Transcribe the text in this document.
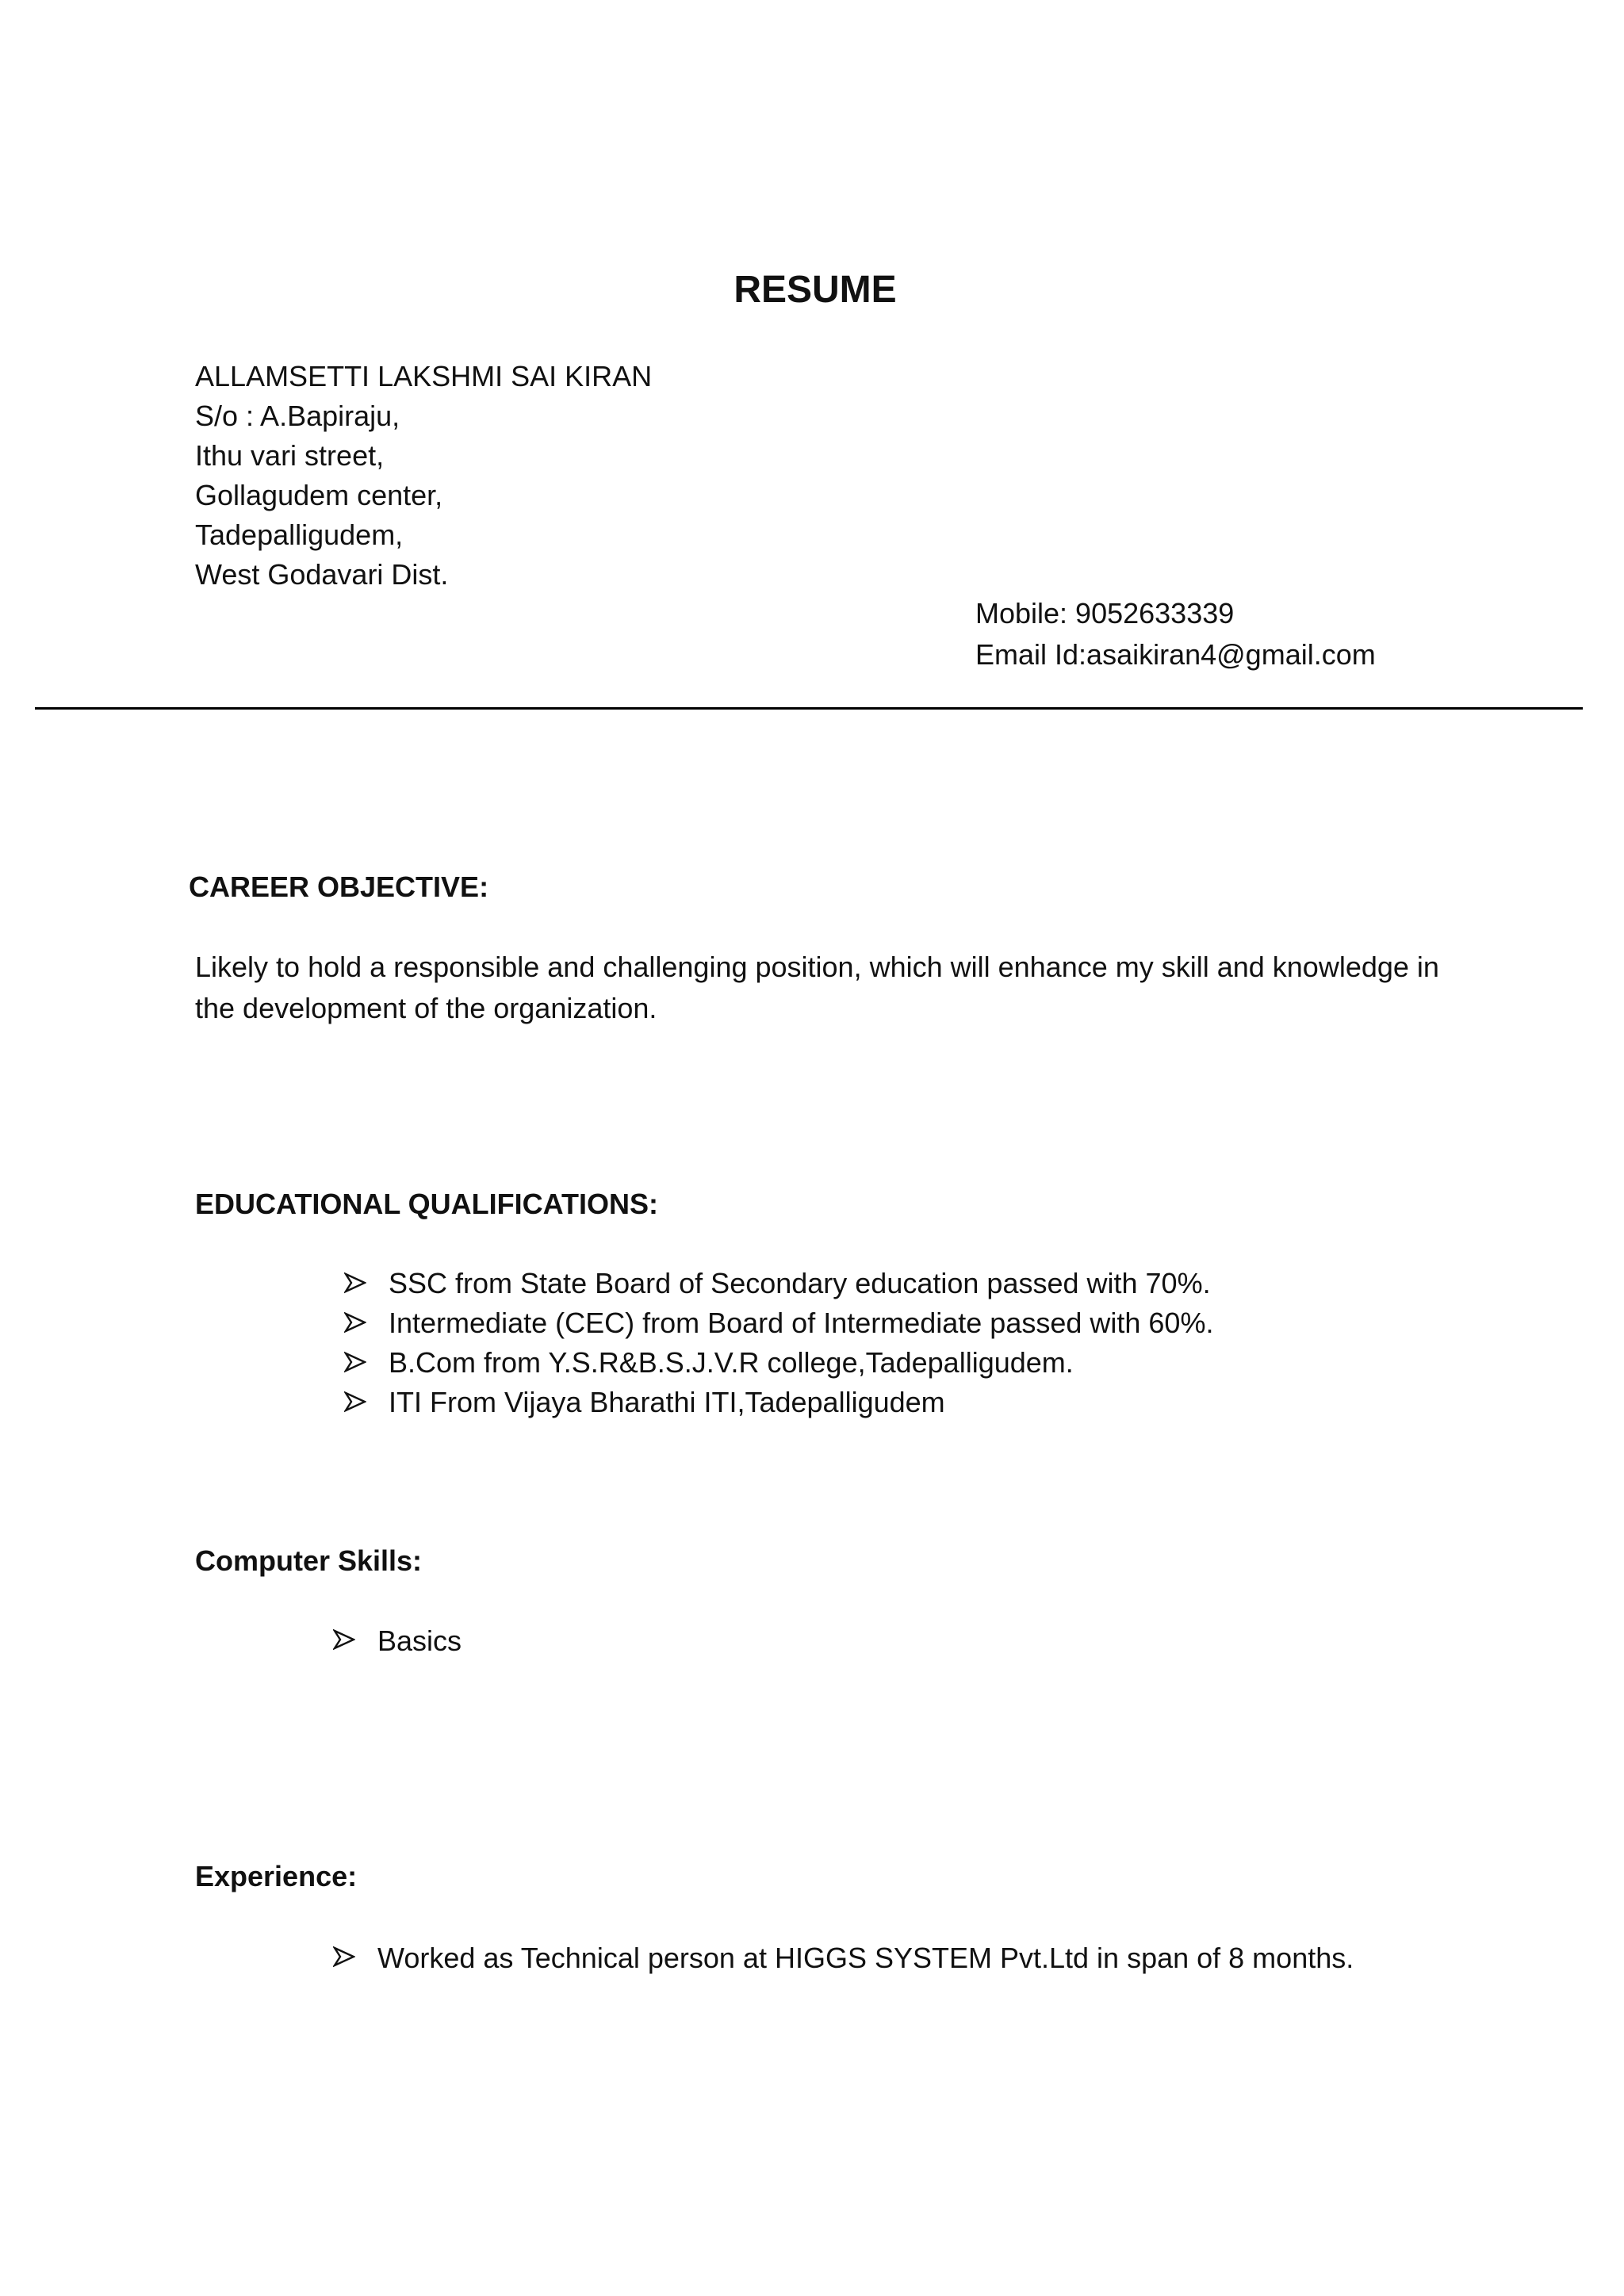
RESUME
ALLAMSETTI LAKSHMI SAI KIRAN
S/o : A.Bapiraju,
Ithu vari street,
Gollagudem center,
Tadepalligudem,
West Godavari Dist.
Mobile: 9052633339
Email Id:asaikiran4@gmail.com
CAREER OBJECTIVE:

Likely to hold a responsible and challenging position, which will enhance my skill and knowledge in the development of the organization.

EDUCATIONAL QUALIFICATIONS:
SSC from State Board of Secondary education passed with 70%.
Intermediate (CEC) from Board of Intermediate passed with 60%.
B.Com from Y.S.R&B.S.J.V.R college,Tadepalligudem.
ITI From Vijaya Bharathi ITI,Tadepalligudem
Computer Skills:
Basics
Experience:
Worked as Technical person at HIGGS SYSTEM Pvt.Ltd in span of 8 months.
